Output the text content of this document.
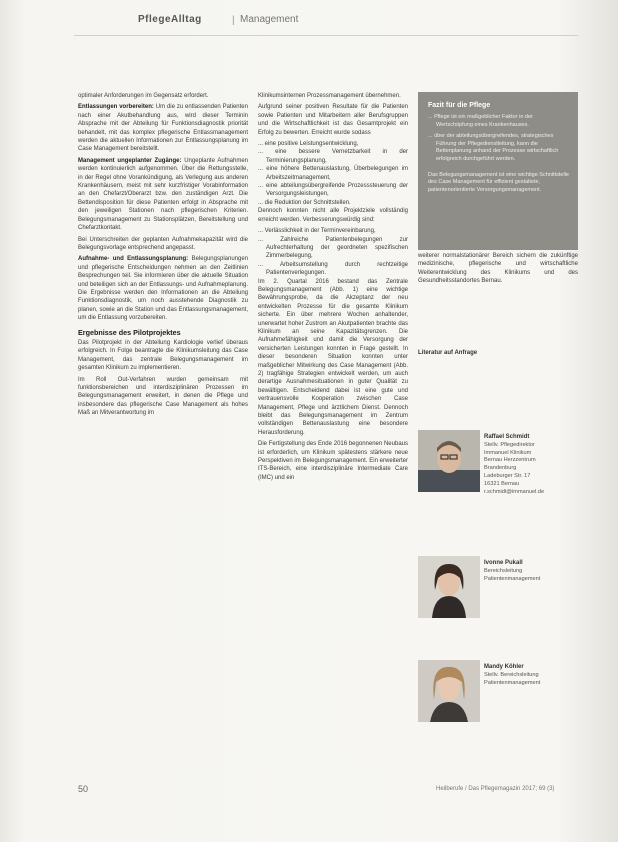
PflegeAlltag	| Management

optimaler Anforderungen im Gegensatz erfordert.

Entlassungen vorbereiten: Um die zu entlassenden Patienten nach einer Akutbehandlung aus, wird dieser Terminin Absprache mit der Abteilung für Funktionsdiagnostik priorität behandelt, mit das komplex pflegerische Entlassmanagement werden die aktuellen Informationen zur Entlassungsplanung im Case Management bereitstellt.

Management ungeplanter Zugänge: Ungeplante Aufnahmen werden kontinuierlich aufgenommen. Über die Rettungsstelle, in der Regel ohne Vorankündigung, als Verlegung aus anderen Krankenhäusern, meist mit sehr kurzfristiger Vorabinformation an den Chefarzt/Oberarzt bzw. den zuständigen Arzt. Die Bettendisposition für diese Patienten erfolgt in Absprache mit den jeweiligen Stationen nach pflegerischen Kriterien. Belegungsmanagement zu Stationsplätzen, Bereitstellung und Chefarztkontakt.

Bei Unterschreiten der geplanten Aufnahmekapazität wird die Belegungsvorlage entsprechend angepasst.

Aufnahme- und Entlassungsplanung: Belegungsplanungen und pflegerische Entscheidungen nehmen an den Zeitlinien Besprechungen teil. Sie informieren über die aktuelle Situation und beteiligen sich an der Entlassungs- und Aufnahmeplanung. Die Ergebnisse werden den Informationen an die Abteilung Funktionsdiagnostik, um noch ausstehende Diagnostik zu planen, sowie an die Station und das Entlassungsmanagement, um die Entlassung vorzubereiten.

Ergebnisse des Pilotprojektes

Das Pilotprojekt in der Abteilung Kardiologie verlief überaus erfolgreich. In Folge beantragte die Klinikumsleitung das Case Management, das zentrale Belegungsmanagement im gesamten Klinikum zu implementieren.

Im Roll Out-Verfahren wurden gemeinsam mit funktionsbereichen und interdisziplinären Prozessen im Belegungsmanagement erweitert, in denen die Pflege und insbesondere das pflegerische Case Management als hohes Maß an Mitverantwortung im

Klinikumsinternen Prozessmanagement übernehmen.

Aufgrund seiner positiven Resultate für die Patienten sowie Patienten und Mitarbeitern aller Berufsgruppen und die Wirtschaftlichkeit ist das Gesamtprojekt ein Erfolg zu bewerten. Erreicht wurde sodass

... eine positive Leistungsentwicklung,

... eine bessere Vernetzbarkeit in der Terminierungsplanung,

... eine höhere Bettenauslastung, Überbelegungen im Arbeitszeitmanagement,

... eine abteilungsübergreifende Prozesssteuerung der Versorgungsleistungen,

... die Reduktion der Schnittstellen.

Dennoch konnten nicht alle Projektziele vollständig erreicht werden. Verbesserungswürdig sind:

... Verlässlichkeit in der Terminvereinbarung,

... Zahlreiche Patientenbelegungen zur Aufrechterhaltung der geordneten spezifischen Zimmerbelegung,

... Arbeitsumstellung durch rechtzeitige Patientenverlegungen.

Im 2. Quartal 2016 bestand das Zentrale Belegungsmanagement (Abb. 1) eine wichtige Bewährungsprobe, da die Akzeptanz der neu entwickelten Prozesse für die gesamte Klinikum sicherte. Ein über mehrere Wochen anhaltender, unerwartet hoher Zustrom an Akutpatienten brachte das Klinikum an seine Kapazitätsgrenzen. Die Aufnahmefähigkeit und damit die Versorgung der versicherten Leistungen konnten in Frage gestellt. In dieser besonderen Situation konnten unter maßgeblicher Mitwirkung des Case Management (Abb. 2) tragfähige Strategien entwickelt werden, um auch derartige Ausnahmesituationen in guter Qualität zu bewältigen. Entscheidend dabei ist eine gute und vertrauensvolle Kooperation zwischen Case Management, Pflege und ärztlichem Dienst. Dennoch bleibt das Belegungsmanagement im Zentrum vollständigen Bettenauslastung eine besondere Herausforderung.

Die Fertigstellung des Ende 2016 begonnenen Neubaus ist erforderlich, um Klinikum spätestens stärkere neue Perspektiven im Belegungsmanagement. Ein erweiterter ITS-Bereich, eine interdisziplinäre Intermediate Care (IMC) und ein

Fazit für die Pflege
... Pflege ist ein maßgeblicher Faktor in der Wertschöpfung eines Krankenhauses.
... über der abteilungsübergreifendes, strategisches Führung der Pflegedienstleitung, kann die Bettenplanung anhand der Prozesse wirtschaftlich erfolgreich durchgeführt werden.
Das Belegungsmanagement ist eine wichtige Schnittstelle des Case Management für effizient gestaltete, patientenorientierte Versorgungsmanagement.
weiterer normalstationärer Bereich sichern die zukünftige medizinische, pflegerische und wirtschaftliche Weiterentwicklung des Klinikums und des Gesundheitsstandortes Bernau.
Literatur auf Anfrage
Raffael Schmidt
Stellv. Pflegedirektor
Immanuel Klinikum
Bernau Herzzentrum
Brandenburg
Ladeburger Str. 17
16321 Bernau
r.schmidt@immanuel.de
Ivonne Pukall
Bereichsleitung
Patientenmanagement
Mandy Köhler
Stellv. Bereichsleitung
Patientenmanagement
50	Heilberufe / Das Pflegemagazin 2017; 69 (3)
